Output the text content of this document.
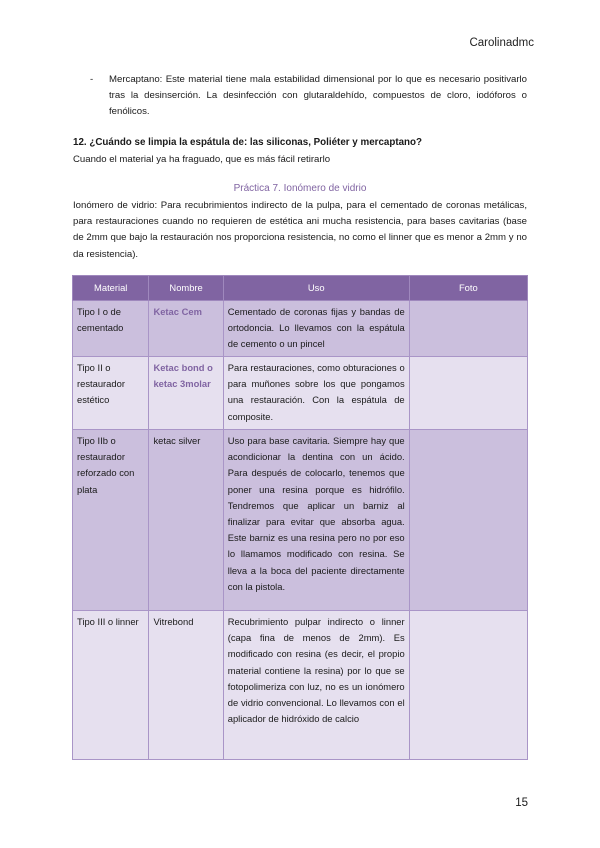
Carolinadmc
- Mercaptano: Este material tiene mala estabilidad dimensional por lo que es necesario positivarlo tras la desinserción. La desinfección con glutaraldehído, compuestos de cloro, iodóforos o fenólicos.
12. ¿Cuándo se limpia la espátula de: las siliconas, Poliéter y mercaptano?
Cuando el material ya ha fraguado, que es más fácil retirarlo
Práctica 7. Ionómero de vidrio
Ionómero de vidrio: Para recubrimientos indirecto de la pulpa, para el cementado de coronas metálicas, para restauraciones cuando no requieren de estética ani mucha resistencia, para bases cavitarias (base de 2mm que bajo la restauración nos proporciona resistencia, no como el linner que es menor a 2mm y no da resistencia).
Material	Nombre	Uso	Foto
Tipo I o de cementado	Ketac Cem	Cementado de coronas fijas y bandas de ortodoncia. Lo llevamos con la espátula de cemento o un pincel	
Tipo II o restaurador estético	Ketac bond o ketac 3molar	Para restauraciones, como obturaciones o para muñones sobre los que pongamos una restauración. Con la espátula de composite.	
Tipo IIb o restaurador reforzado con plata	ketac silver	Uso para base cavitaria. Siempre hay que acondicionar la dentina con un ácido. Para después de colocarlo, tenemos que poner una resina porque es hidrófilo. Tendremos que aplicar un barniz al finalizar para evitar que absorba agua. Este barniz es una resina pero no por eso lo llamamos modificado con resina. Se lleva a la boca del paciente directamente con la pistola.	
Tipo III o linner	Vitrebond	Recubrimiento pulpar indirecto o linner (capa fina de menos de 2mm). Es modificado con resina (es decir, el propio material contiene la resina) por lo que se fotopolimeriza con luz, no es un ionómero de vidrio convencional. Lo llevamos con el aplicador de hidróxido de calcio	
15
